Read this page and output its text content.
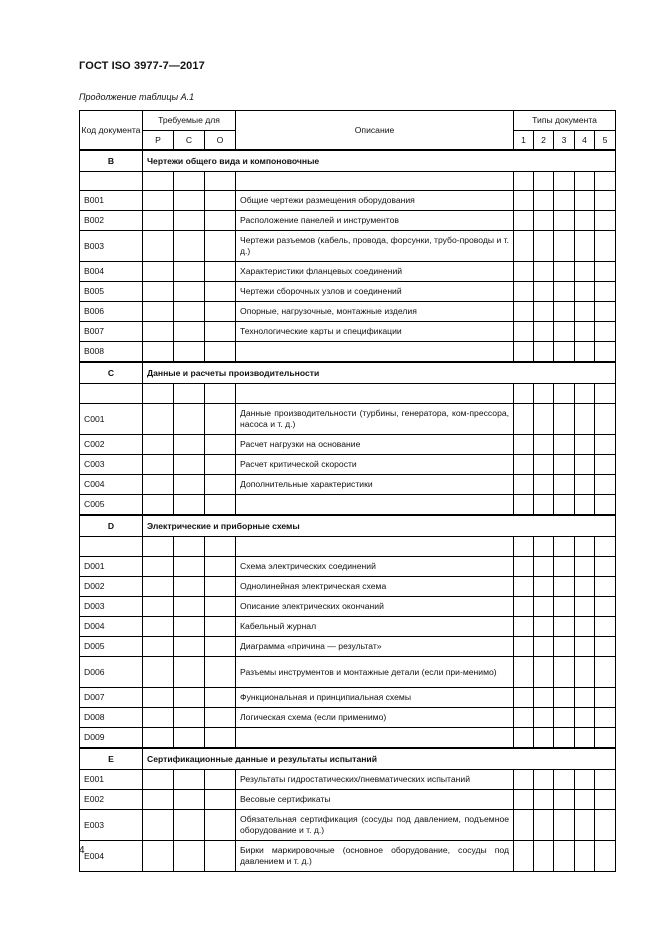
ГОСТ ISO 3977-7—2017
Продолжение таблицы А.1
Код документа	Требуемые для			Описание	Типы документа				
	Р	С	О		1	2	3	4	5
В	Чертежи общего вида и компоновочные								

В001				Общие чертежи размещения оборудования					
В002				Расположение панелей и инструментов					
В003				Чертежи разъемов (кабель, провода, форсунки, трубо-проводы и т. д.)					
В004				Характеристики фланцевых соединений					
В005				Чертежи сборочных узлов и соединений					
В006				Опорные, нагрузочные, монтажные изделия					
В007				Технологические карты и спецификации					
В008									
С	Данные и расчеты производительности								

С001				Данные производительности (турбины, генератора, ком-прессора, насоса и т. д.)					
С002				Расчет нагрузки на основание					
С003				Расчет критической скорости					
С004				Дополнительные характеристики					
С005									
D	Электрические и приборные схемы								

D001				Схема электрических соединений					
D002				Однолинейная электрическая схема					
D003				Описание электрических окончаний					
D004				Кабельный журнал					
D005				Диаграмма «причина — результат»					
D006				Разъемы инструментов и монтажные детали (если при-менимо)					
D007				Функциональная и принципиальная схемы					
D008				Логическая схема (если применимо)					
D009									
Е	Сертификационные данные и результаты испытаний								
Е001				Результаты гидростатических/пневматических испытаний					
Е002				Весовые сертификаты					
Е003				Обязательная сертификация (сосуды под давлением, подъемное оборудование и т. д.)					
Е004				Бирки маркировочные (основное оборудование, сосуды под давлением и т. д.)					
4
